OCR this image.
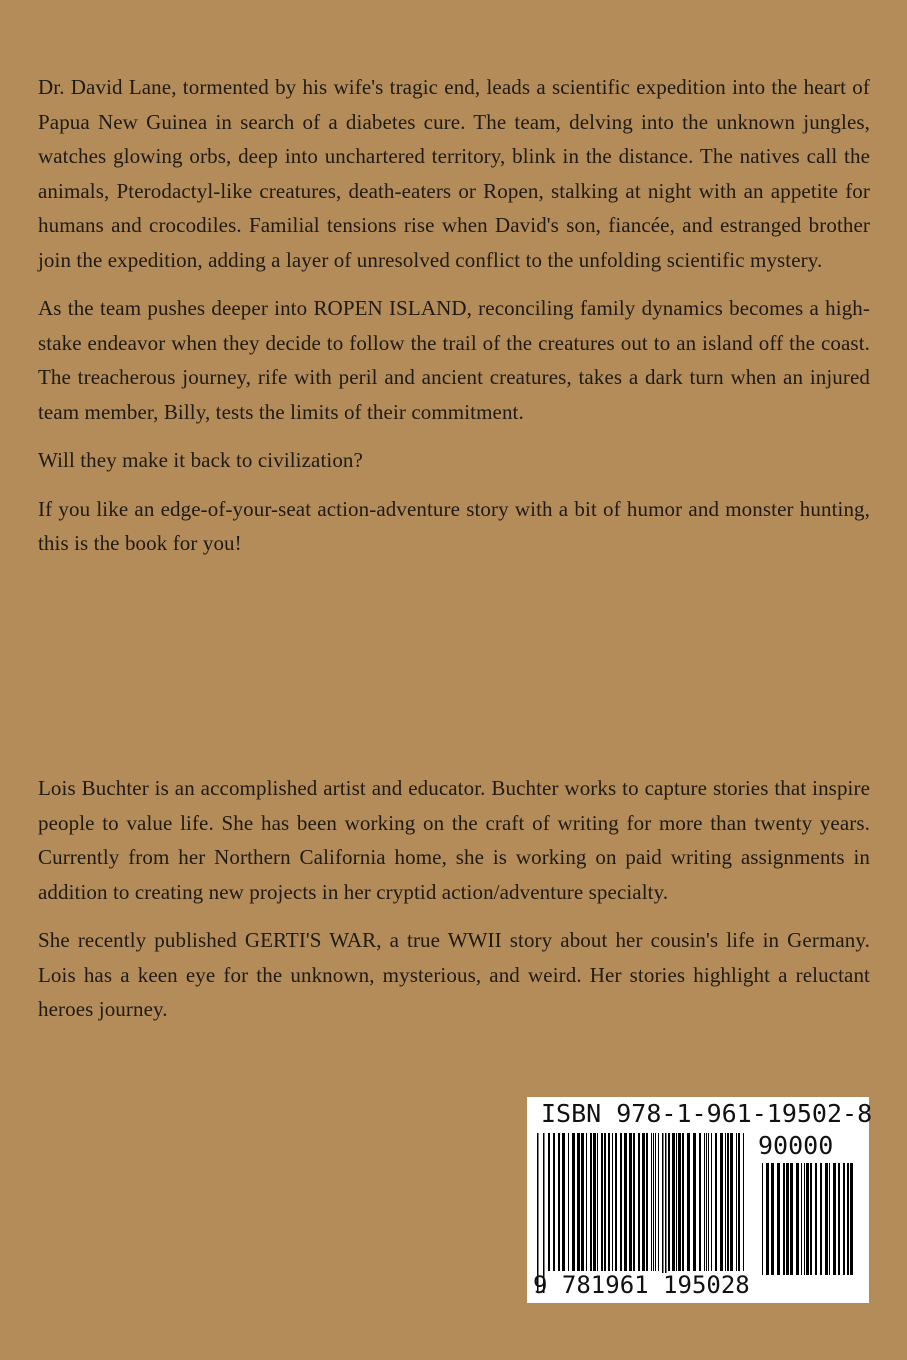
Dr. David Lane, tormented by his wife's tragic end, leads a scientific expedition into the heart of Papua New Guinea in search of a diabetes cure. The team, delving into the unknown jungles, watches glowing orbs, deep into unchartered territory, blink in the distance. The natives call the animals, Pterodactyl-like creatures, death-eaters or Ropen, stalking at night with an appetite for humans and crocodiles. Familial tensions rise when David's son, fiancée, and estranged brother join the expedition, adding a layer of unresolved conflict to the unfolding scientific mystery.

As the team pushes deeper into ROPEN ISLAND, reconciling family dynamics becomes a high-stake endeavor when they decide to follow the trail of the creatures out to an island off the coast. The treacherous journey, rife with peril and ancient creatures, takes a dark turn when an injured team member, Billy, tests the limits of their commitment.

Will they make it back to civilization?

If you like an edge-of-your-seat action-adventure story with a bit of humor and monster hunting, this is the book for you!

Lois Buchter is an accomplished artist and educator. Buchter works to capture stories that inspire people to value life. She has been working on the craft of writing for more than twenty years. Currently from her Northern California home, she is working on paid writing assignments in addition to creating new projects in her cryptid action/adventure specialty.

She recently published GERTI'S WAR, a true WWII story about her cousin's life in Germany. Lois has a keen eye for the unknown, mysterious, and weird. Her stories highlight a reluctant heroes journey.

ISBN 978-1-961-19502-8
90000
9 781961 195028
